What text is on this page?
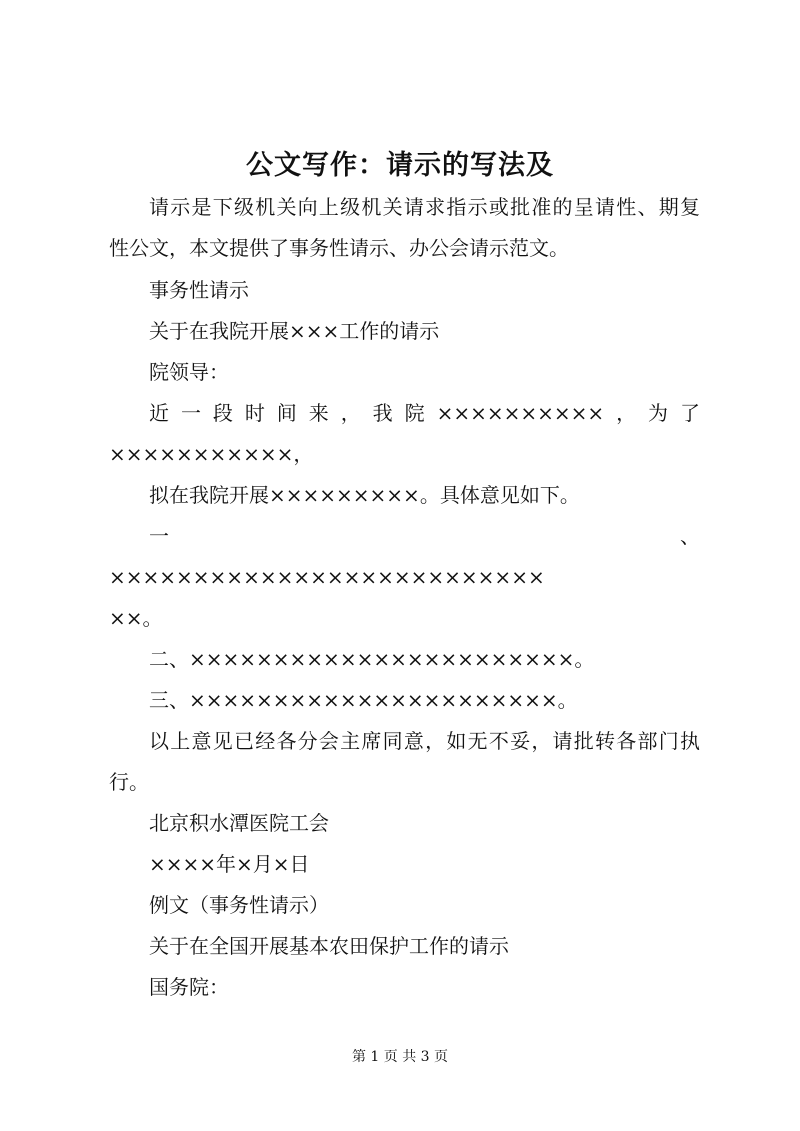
公文写作：请示的写法及
请示是下级机关向上级机关请求指示或批准的呈请性、期复
性公文，本文提供了事务性请示、办公会请示范文。
事务性请示
关于在我院开展×××工作的请示
院领导：
近一段时间来，我院××××××××××，为了
×××××××××××，
拟在我院开展×××××××××。具体意见如下。
一、
××××××××××××××××××××××××××
××。
二、×××××××××××××××××××××××。
三、××××××××××××××××××××××。
以上意见已经各分会主席同意，如无不妥，请批转各部门执
行。
北京积水潭医院工会
××××年×月×日
例文（事务性请示）
关于在全国开展基本农田保护工作的请示
国务院：
第 1 页 共 3 页
